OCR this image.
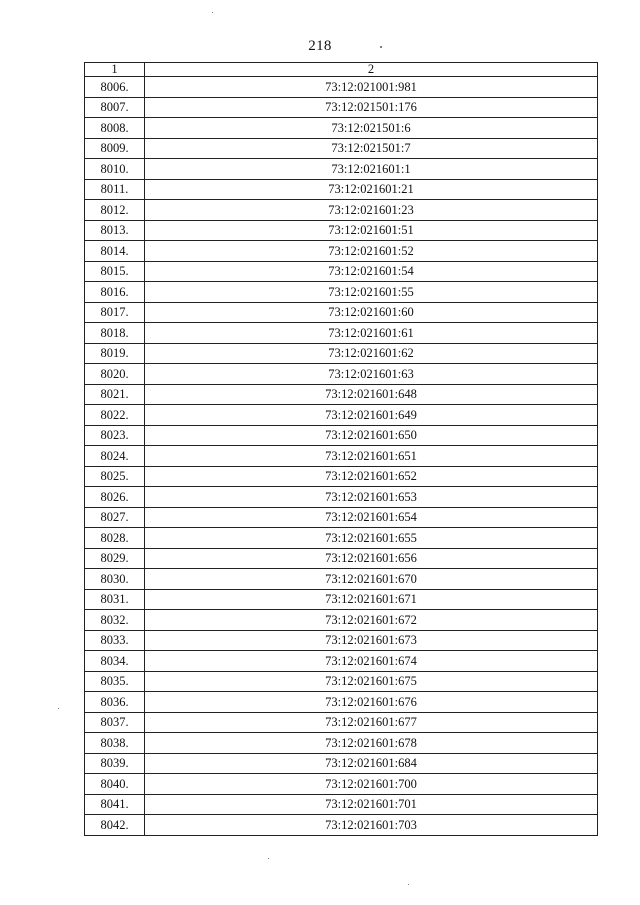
218
1	2
8006.	73:12:021001:981
8007.	73:12:021501:176
8008.	73:12:021501:6
8009.	73:12:021501:7
8010.	73:12:021601:1
8011.	73:12:021601:21
8012.	73:12:021601:23
8013.	73:12:021601:51
8014.	73:12:021601:52
8015.	73:12:021601:54
8016.	73:12:021601:55
8017.	73:12:021601:60
8018.	73:12:021601:61
8019.	73:12:021601:62
8020.	73:12:021601:63
8021.	73:12:021601:648
8022.	73:12:021601:649
8023.	73:12:021601:650
8024.	73:12:021601:651
8025.	73:12:021601:652
8026.	73:12:021601:653
8027.	73:12:021601:654
8028.	73:12:021601:655
8029.	73:12:021601:656
8030.	73:12:021601:670
8031.	73:12:021601:671
8032.	73:12:021601:672
8033.	73:12:021601:673
8034.	73:12:021601:674
8035.	73:12:021601:675
8036.	73:12:021601:676
8037.	73:12:021601:677
8038.	73:12:021601:678
8039.	73:12:021601:684
8040.	73:12:021601:700
8041.	73:12:021601:701
8042.	73:12:021601:703
